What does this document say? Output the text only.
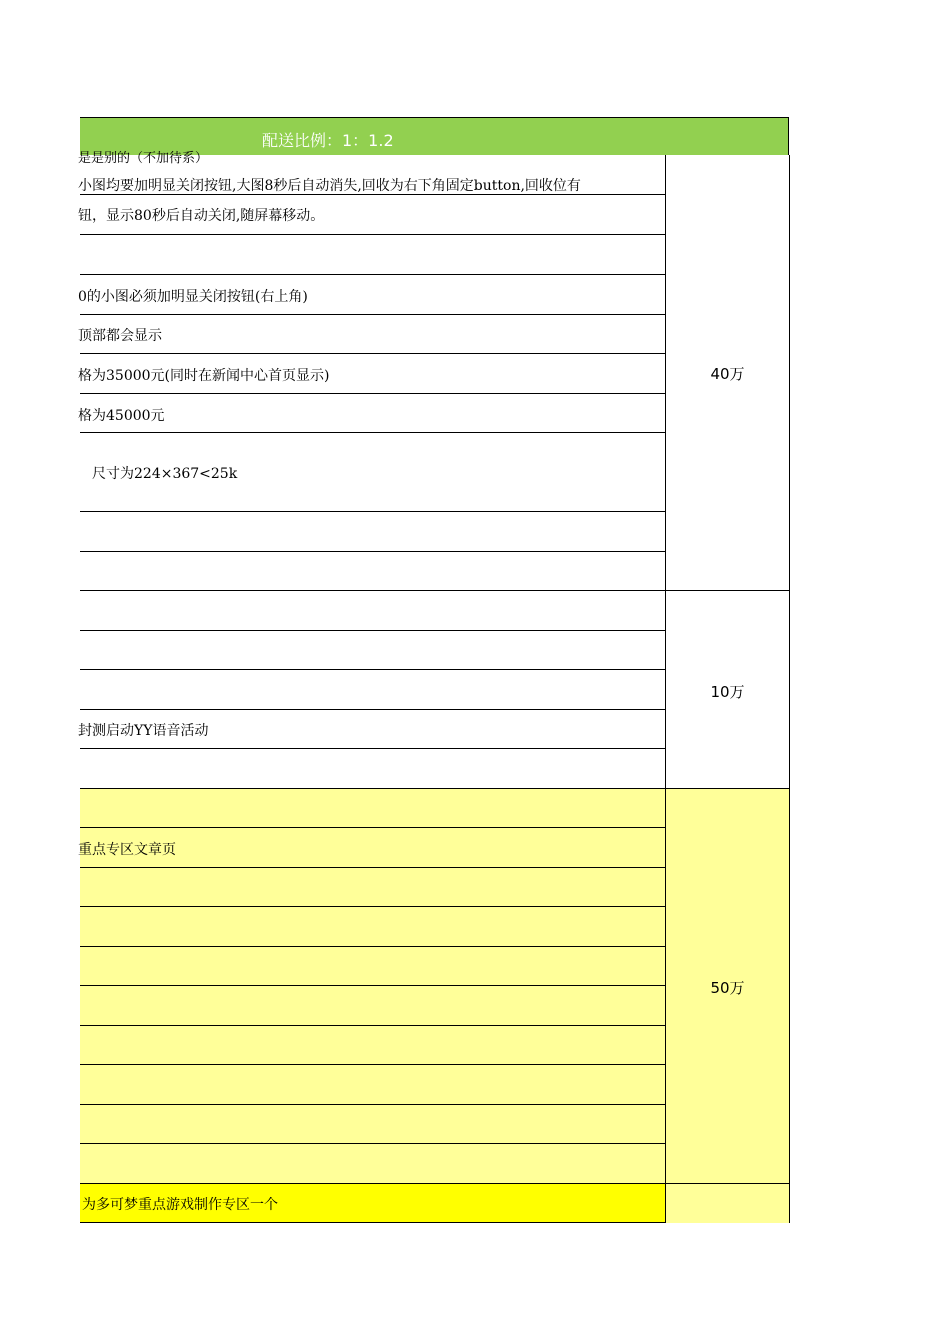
配送比例：1：1.2
是是别的（不加待系）
小图均要加明显关闭按钮,大图8秒后自动消失,回收为右下角固定button,回收位有
钮，显示80秒后自动关闭,随屏幕移动。
0的小图必须加明显关闭按钮(右上角)
顶部都会显示
格为35000元(同时在新闻中心首页显示)
格为45000元
尺寸为224×367<25k
封测启动YY语音活动
重点专区文章页
为多可梦重点游戏制作专区一个
40万
10万
50万
